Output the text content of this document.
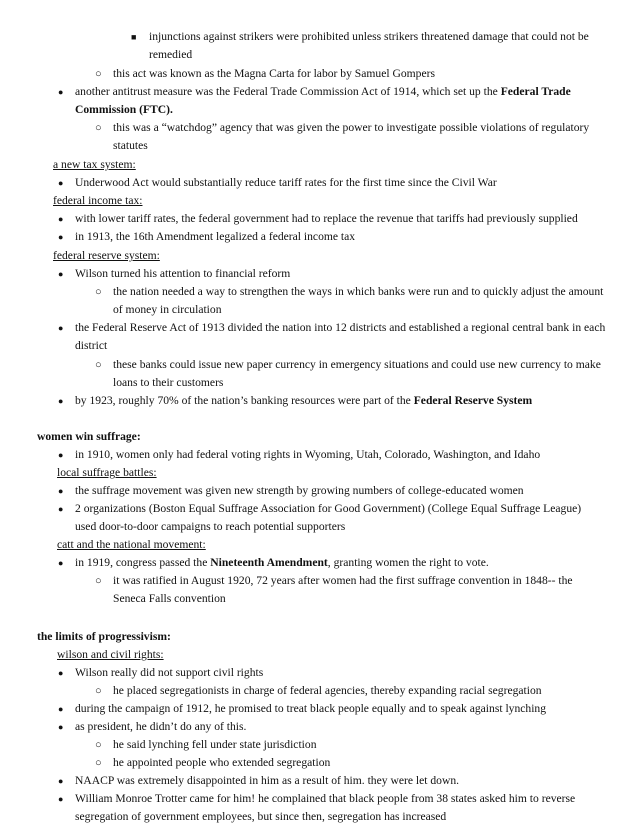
■ injunctions against strikers were prohibited unless strikers threatened damage that could not be
remedied
○ this act was known as the Magna Carta for labor by Samuel Gompers
● another antitrust measure was the Federal Trade Commission Act of 1914, which set up the Federal Trade
Commission (FTC).
○ this was a “watchdog” agency that was given the power to investigate possible violations of regulatory
statutes
a new tax system:
● Underwood Act would substantially reduce tariff rates for the first time since the Civil War
federal income tax:
● with lower tariff rates, the federal government had to replace the revenue that tariffs had previously supplied
● in 1913, the 16th Amendment legalized a federal income tax
federal reserve system:
● Wilson turned his attention to financial reform
○ the nation needed a way to strengthen the ways in which banks were run and to quickly adjust the amount
of money in circulation
● the Federal Reserve Act of 1913 divided the nation into 12 districts and established a regional central bank in each
district
○ these banks could issue new paper currency in emergency situations and could use new currency to make
loans to their customers
● by 1923, roughly 70% of the nation’s banking resources were part of the Federal Reserve System
women win suffrage:
● in 1910, women only had federal voting rights in Wyoming, Utah, Colorado, Washington, and Idaho
local suffrage battles:
● the suffrage movement was given new strength by growing numbers of college-educated women
● 2 organizations (Boston Equal Suffrage Association for Good Government) (College Equal Suffrage League)
used door-to-door campaigns to reach potential supporters
catt and the national movement:
● in 1919, congress passed the Nineteenth Amendment, granting women the right to vote.
○ it was ratified in August 1920, 72 years after women had the first suffrage convention in 1848-- the
Seneca Falls convention
the limits of progressivism:
wilson and civil rights:
● Wilson really did not support civil rights
○ he placed segregationists in charge of federal agencies, thereby expanding racial segregation
● during the campaign of 1912, he promised to treat black people equally and to speak against lynching
● as president, he didn’t do any of this.
○ he said lynching fell under state jurisdiction
○ he appointed people who extended segregation
● NAACP was extremely disappointed in him as a result of him. they were let down.
● William Monroe Trotter came for him! he complained that black people from 38 states asked him to reverse
segregation of government employees, but since then, segregation has increased
